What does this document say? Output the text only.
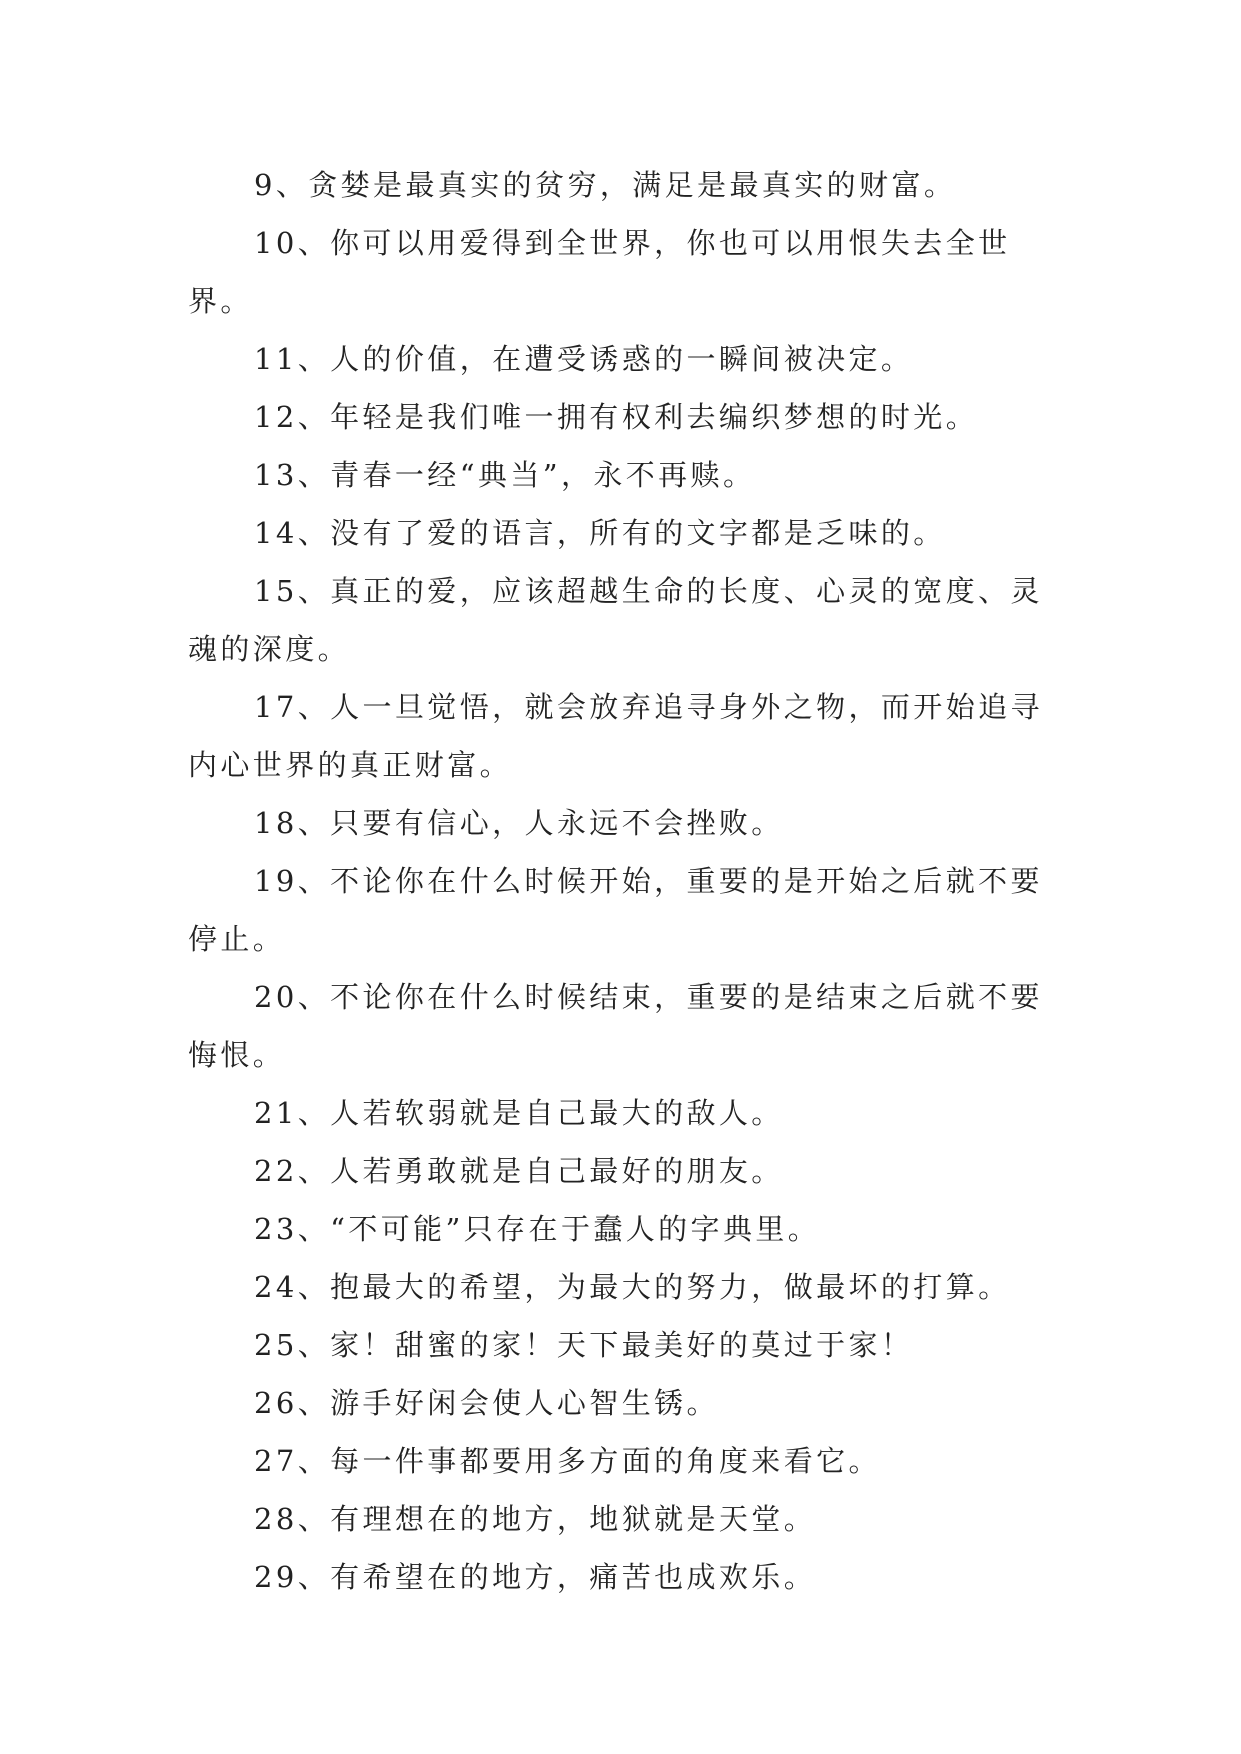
9、贪婪是最真实的贫穷，满足是最真实的财富。

10、你可以用爱得到全世界，你也可以用恨失去全世界。

11、人的价值，在遭受诱惑的一瞬间被决定。

12、年轻是我们唯一拥有权利去编织梦想的时光。

13、青春一经“典当”，永不再赎。

14、没有了爱的语言，所有的文字都是乏味的。

15、真正的爱，应该超越生命的长度、心灵的宽度、灵魂的深度。

17、人一旦觉悟，就会放弃追寻身外之物，而开始追寻内心世界的真正财富。

18、只要有信心，人永远不会挫败。

19、不论你在什么时候开始，重要的是开始之后就不要停止。

20、不论你在什么时候结束，重要的是结束之后就不要悔恨。

21、人若软弱就是自己最大的敌人。

22、人若勇敢就是自己最好的朋友。

23、“不可能”只存在于蠢人的字典里。

24、抱最大的希望，为最大的努力，做最坏的打算。

25、家！甜蜜的家！天下最美好的莫过于家！

26、游手好闲会使人心智生锈。

27、每一件事都要用多方面的角度来看它。

28、有理想在的地方，地狱就是天堂。

29、有希望在的地方，痛苦也成欢乐。
